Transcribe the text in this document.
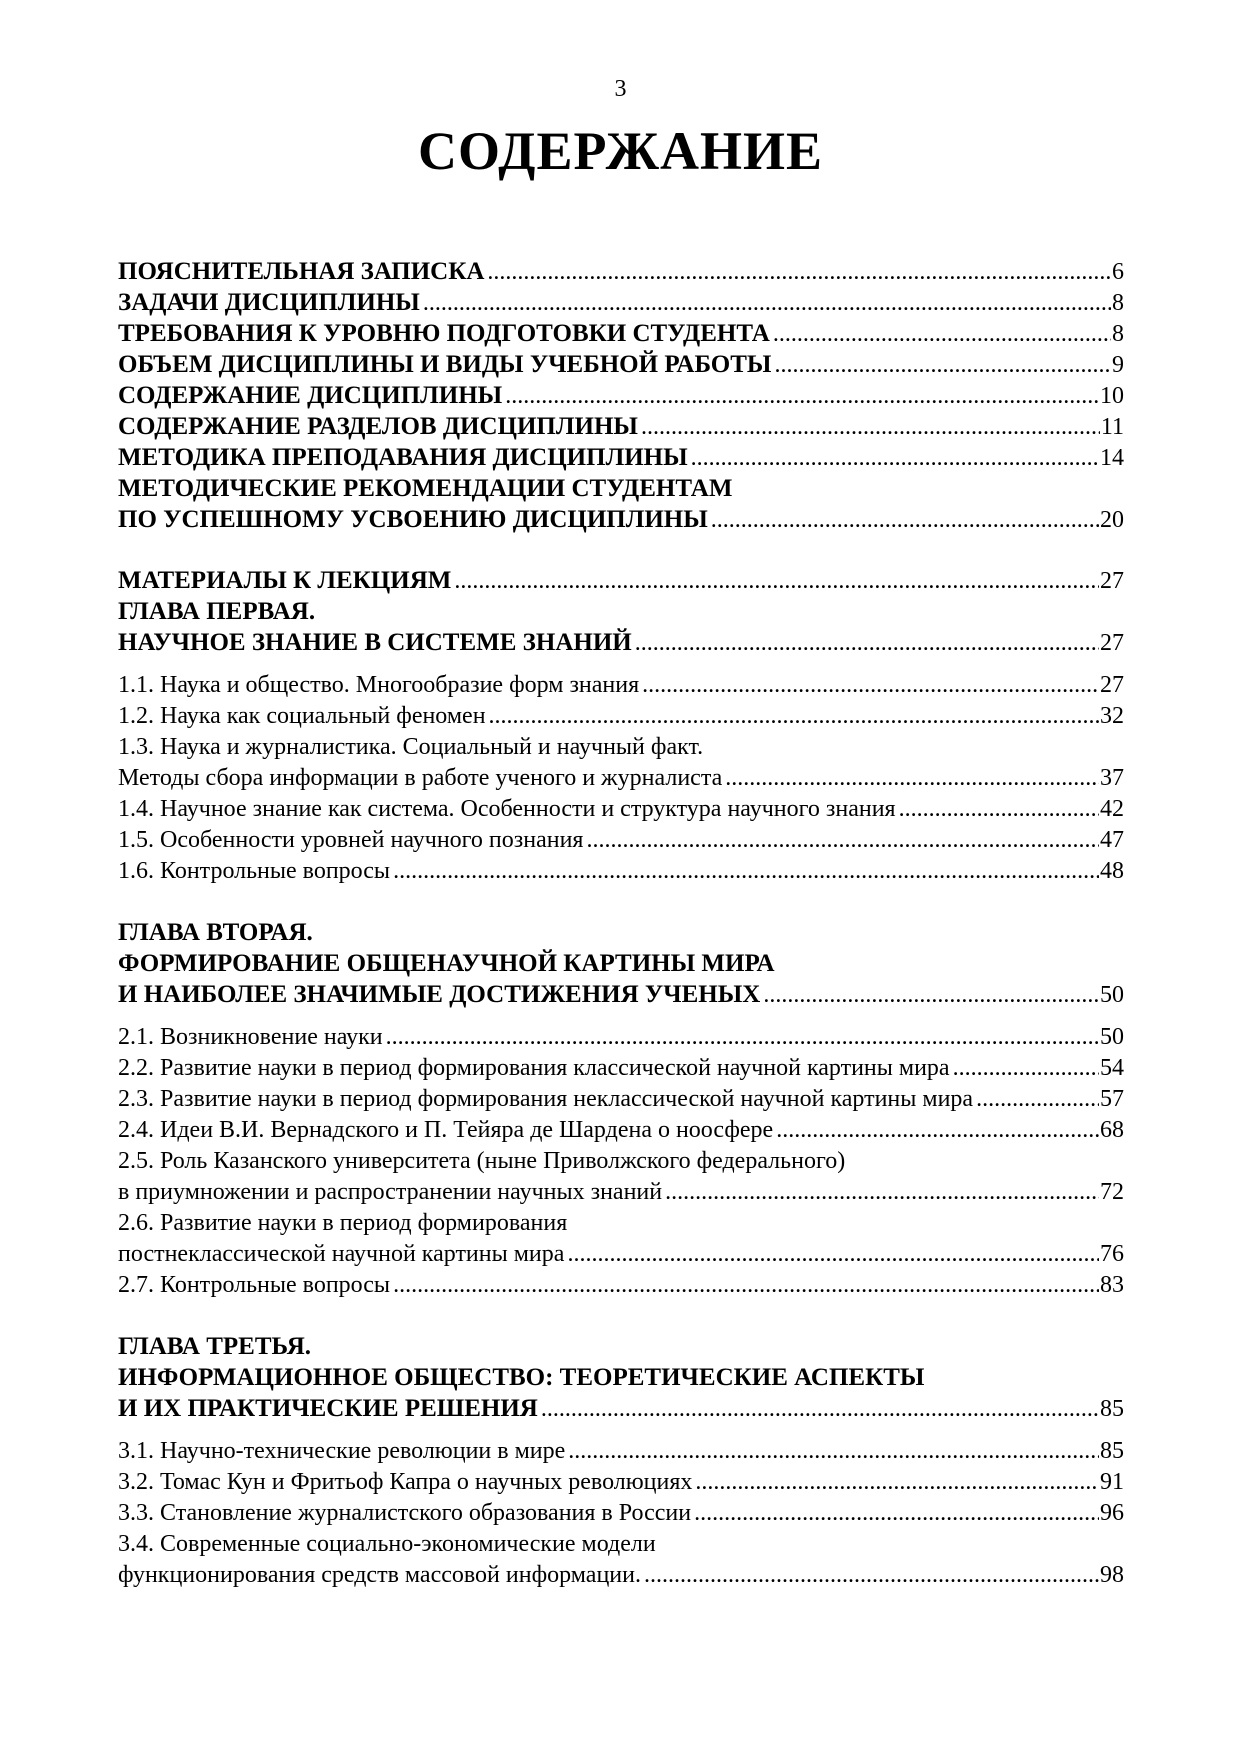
3
СОДЕРЖАНИЕ
ПОЯСНИТЕЛЬНАЯ ЗАПИСКА .....	6
ЗАДАЧИ ДИСЦИПЛИНЫ .....	8
ТРЕБОВАНИЯ К УРОВНЮ ПОДГОТОВКИ СТУДЕНТА .....	8
ОБЪЕМ ДИСЦИПЛИНЫ И ВИДЫ УЧЕБНОЙ РАБОТЫ .....	9
СОДЕРЖАНИЕ ДИСЦИПЛИНЫ .....	10
СОДЕРЖАНИЕ РАЗДЕЛОВ ДИСЦИПЛИНЫ .....	11
МЕТОДИКА ПРЕПОДАВАНИЯ ДИСЦИПЛИНЫ .....	14
МЕТОДИЧЕСКИЕ РЕКОМЕНДАЦИИ СТУДЕНТАМ
ПО УСПЕШНОМУ УСВОЕНИЮ ДИСЦИПЛИНЫ .....	20
МАТЕРИАЛЫ К ЛЕКЦИЯМ .....	27
ГЛАВА ПЕРВАЯ.
НАУЧНОЕ ЗНАНИЕ В СИСТЕМЕ ЗНАНИЙ .....	27
1.1. Наука и общество. Многообразие форм знания .....	27
1.2. Наука как социальный феномен .....	32
1.3. Наука и журналистика. Социальный и научный факт.
Методы сбора информации в работе ученого и журналиста .....	37
1.4. Научное знание как система. Особенности и структура научного знания .....	42
1.5. Особенности уровней научного познания .....	47
1.6. Контрольные вопросы .....	48
ГЛАВА ВТОРАЯ.
ФОРМИРОВАНИЕ ОБЩЕНАУЧНОЙ КАРТИНЫ МИРА
И НАИБОЛЕЕ ЗНАЧИМЫЕ ДОСТИЖЕНИЯ УЧЕНЫХ .....	50
2.1. Возникновение науки .....	50
2.2. Развитие науки в период формирования классической научной картины мира .....	54
2.3. Развитие науки в период формирования неклассической научной картины мира .....	57
2.4. Идеи В.И. Вернадского и П. Тейяра де Шардена о ноосфере .....	68
2.5. Роль Казанского университета (ныне Приволжского федерального)
в приумножении и распространении научных знаний .....	72
2.6. Развитие науки в период формирования
постнеклассической научной картины мира .....	76
2.7. Контрольные вопросы .....	83
ГЛАВА ТРЕТЬЯ.
ИНФОРМАЦИОННОЕ ОБЩЕСТВО: ТЕОРЕТИЧЕСКИЕ АСПЕКТЫ
И ИХ ПРАКТИЧЕСКИЕ РЕШЕНИЯ .....	85
3.1. Научно-технические революции в мире .....	85
3.2. Томас Кун и Фритьоф Капра о научных революциях .....	91
3.3. Становление журналистского образования в России .....	96
3.4. Современные социально-экономические модели
функционирования средств массовой информации. .....	98
